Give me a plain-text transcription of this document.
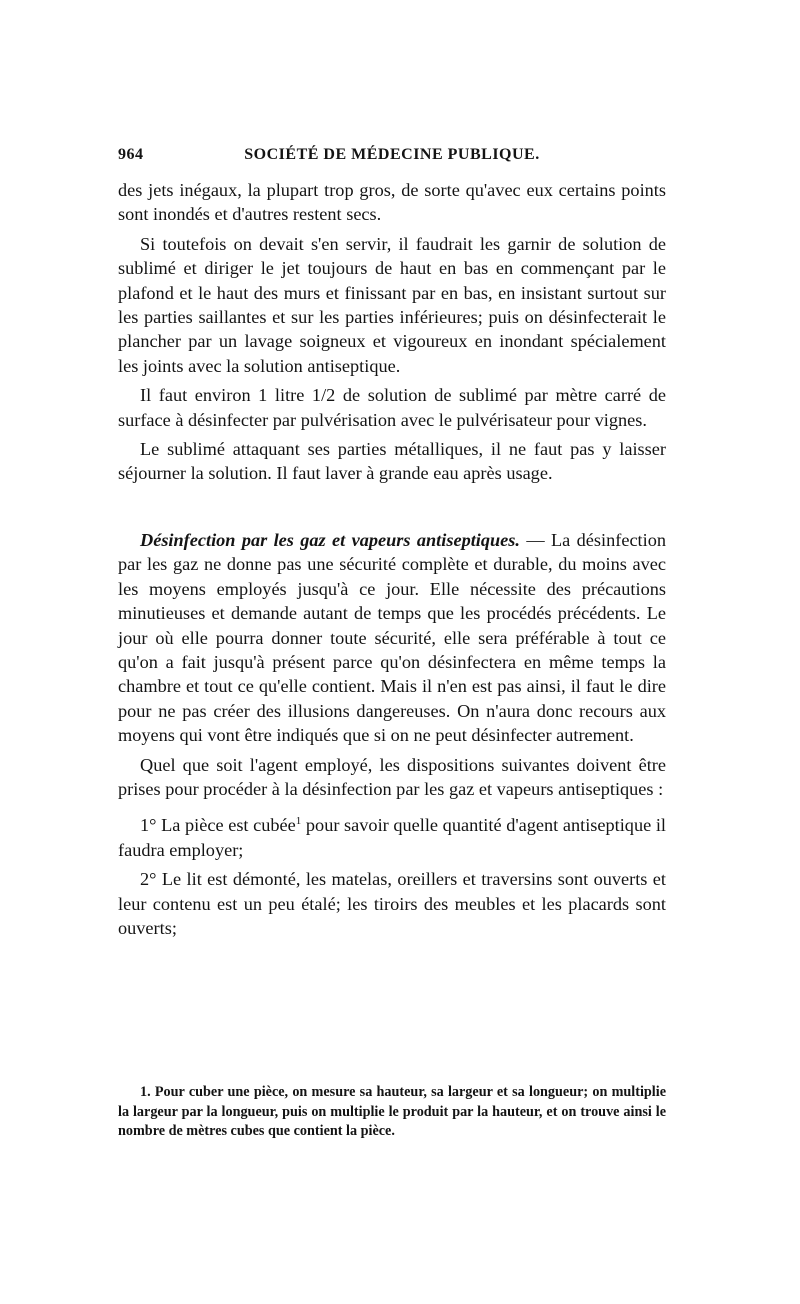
964	SOCIÉTÉ DE MÉDECINE PUBLIQUE.

des jets inégaux, la plupart trop gros, de sorte qu'avec eux certains points sont inondés et d'autres restent secs.

Si toutefois on devait s'en servir, il faudrait les garnir de solution de sublimé et diriger le jet toujours de haut en bas en commençant par le plafond et le haut des murs et finissant par en bas, en insistant surtout sur les parties saillantes et sur les parties inférieures; puis on désinfecterait le plancher par un lavage soigneux et vigoureux en inondant spécialement les joints avec la solution antiseptique.

Il faut environ 1 litre 1/2 de solution de sublimé par mètre carré de surface à désinfecter par pulvérisation avec le pulvérisateur pour vignes.

Le sublimé attaquant ses parties métalliques, il ne faut pas y laisser séjourner la solution. Il faut laver à grande eau après usage.

Désinfection par les gaz et vapeurs antiseptiques. — La désinfection par les gaz ne donne pas une sécurité complète et durable, du moins avec les moyens employés jusqu'à ce jour. Elle nécessite des précautions minutieuses et demande autant de temps que les procédés précédents. Le jour où elle pourra donner toute sécurité, elle sera préférable à tout ce qu'on a fait jusqu'à présent parce qu'on désinfectera en même temps la chambre et tout ce qu'elle contient. Mais il n'en est pas ainsi, il faut le dire pour ne pas créer des illusions dangereuses. On n'aura donc recours aux moyens qui vont être indiqués que si on ne peut désinfecter autrement.

Quel que soit l'agent employé, les dispositions suivantes doivent être prises pour procéder à la désinfection par les gaz et vapeurs antiseptiques :

1° La pièce est cubée$^1$ pour savoir quelle quantité d'agent antiseptique il faudra employer;

2° Le lit est démonté, les matelas, oreillers et traversins sont ouverts et leur contenu est un peu étalé; les tiroirs des meubles et les placards sont ouverts;

1. Pour cuber une pièce, on mesure sa hauteur, sa largeur et sa longueur; on multiplie la largeur par la longueur, puis on multiplie le produit par la hauteur, et on trouve ainsi le nombre de mètres cubes que contient la pièce.
